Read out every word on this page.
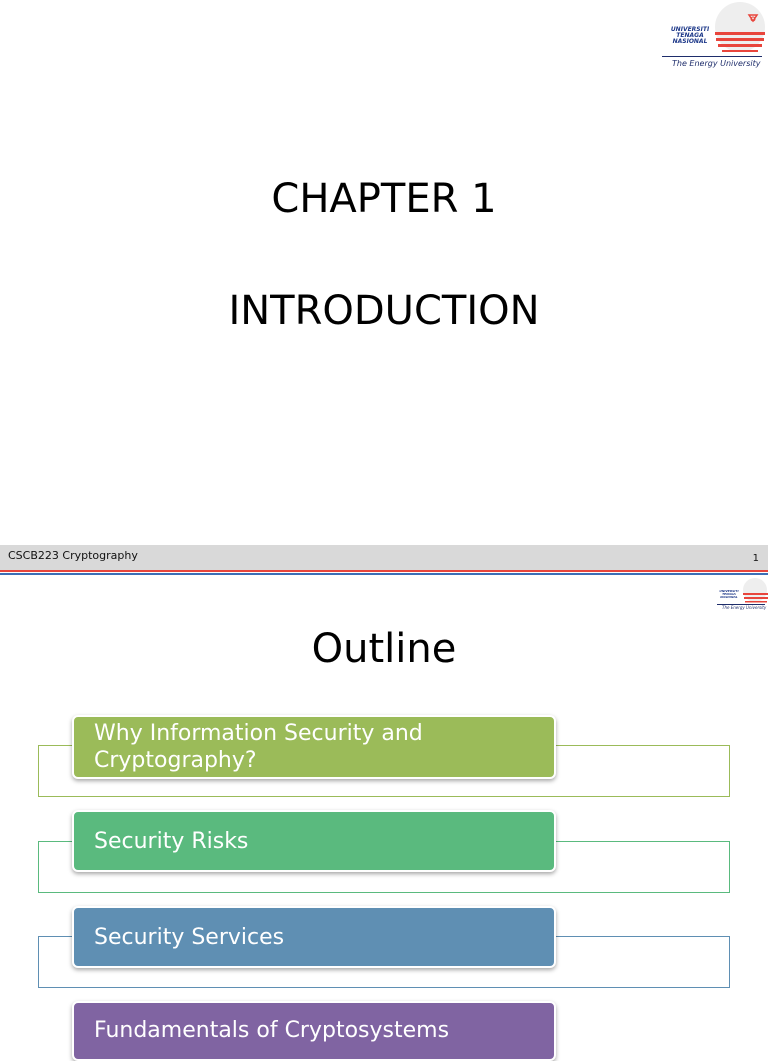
UNIVERSITI
TENAGA
NASIONAL
The Energy University
CHAPTER 1
INTRODUCTION
CSCB223 Cryptography	1
UNIVERSITI
TENAGA
NASIONAL
The Energy University
Outline
Why Information Security and Cryptography?
Security Risks
Security Services
Fundamentals of Cryptosystems
